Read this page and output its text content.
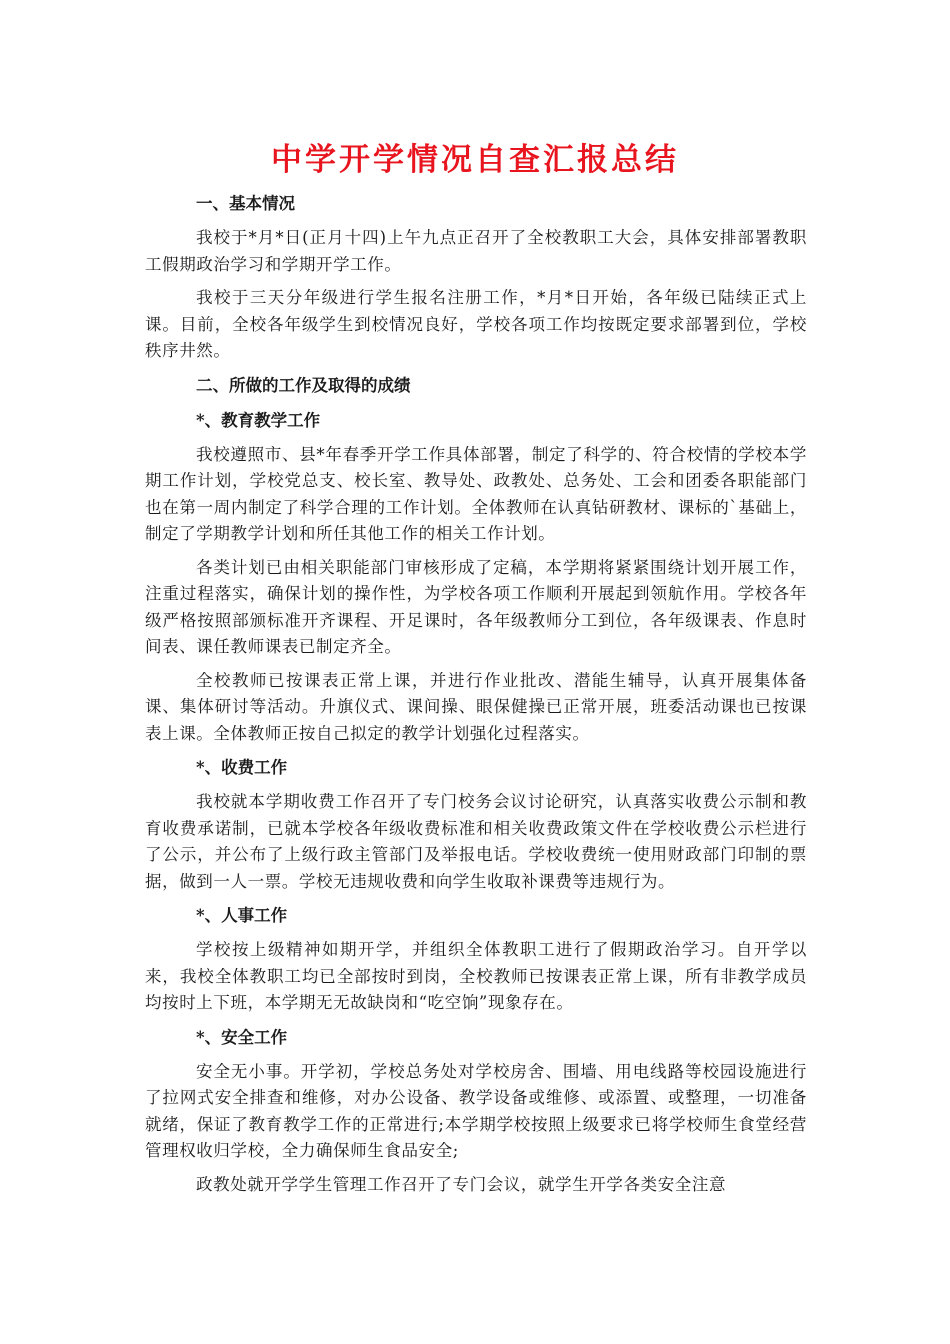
中学开学情况自查汇报总结
一、基本情况

我校于*月*日(正月十四)上午九点正召开了全校教职工大会，具体安排部署教职工假期政治学习和学期开学工作。

我校于三天分年级进行学生报名注册工作，*月*日开始，各年级已陆续正式上课。目前，全校各年级学生到校情况良好，学校各项工作均按既定要求部署到位，学校秩序井然。

二、所做的工作及取得的成绩
*、教育教学工作

我校遵照市、县*年春季开学工作具体部署，制定了科学的、符合校情的学校本学期工作计划，学校党总支、校长室、教导处、政教处、总务处、工会和团委各职能部门也在第一周内制定了科学合理的工作计划。全体教师在认真钻研教材、课标的`基础上，制定了学期教学计划和所任其他工作的相关工作计划。

各类计划已由相关职能部门审核形成了定稿，本学期将紧紧围绕计划开展工作，注重过程落实，确保计划的操作性，为学校各项工作顺利开展起到领航作用。学校各年级严格按照部颁标准开齐课程、开足课时，各年级教师分工到位，各年级课表、作息时间表、课任教师课表已制定齐全。

全校教师已按课表正常上课，并进行作业批改、潜能生辅导，认真开展集体备课、集体研讨等活动。升旗仪式、课间操、眼保健操已正常开展，班委活动课也已按课表上课。全体教师正按自己拟定的教学计划强化过程落实。

*、收费工作

我校就本学期收费工作召开了专门校务会议讨论研究，认真落实收费公示制和教育收费承诺制，已就本学校各年级收费标准和相关收费政策文件在学校收费公示栏进行了公示，并公布了上级行政主管部门及举报电话。学校收费统一使用财政部门印制的票据，做到一人一票。学校无违规收费和向学生收取补课费等违规行为。

*、人事工作

学校按上级精神如期开学，并组织全体教职工进行了假期政治学习。自开学以来，我校全体教职工均已全部按时到岗，全校教师已按课表正常上课，所有非教学成员均按时上下班，本学期无无故缺岗和“吃空饷”现象存在。

*、安全工作

安全无小事。开学初，学校总务处对学校房舍、围墙、用电线路等校园设施进行了拉网式安全排查和维修，对办公设备、教学设备或维修、或添置、或整理，一切准备就绪，保证了教育教学工作的正常进行;本学期学校按照上级要求已将学校师生食堂经营管理权收归学校，全力确保师生食品安全;

政教处就开学学生管理工作召开了专门会议，就学生开学各类安全注意
